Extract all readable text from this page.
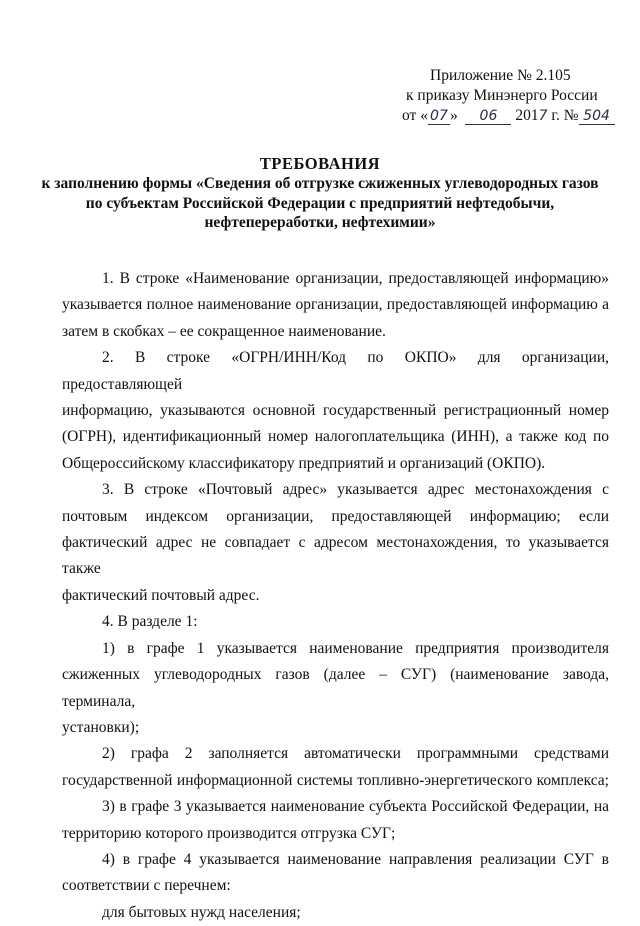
Приложение № 2.105
к приказу Минэнерго России
от « 07 » 06 2017 г. № 504
ТРЕБОВАНИЯ
к заполнению формы «Сведения об отгрузке сжиженных углеводородных газов
по субъектам Российской Федерации с предприятий нефтедобычи,
нефтепереработки, нефтехимии»

1. В строке «Наименование организации, предоставляющей информацию»

указывается полное наименование организации, предоставляющей информацию а

затем в скобках – ее сокращенное наименование.

2. В строке «ОГРН/ИНН/Код по ОКПО» для организации, предоставляющей

информацию, указываются основной государственный регистрационный номер

(ОГРН), идентификационный номер налогоплательщика (ИНН), а также код по

Общероссийскому классификатору предприятий и организаций (ОКПО).

3. В строке «Почтовый адрес» указывается адрес местонахождения с

почтовым индексом организации, предоставляющей информацию; если

фактический адрес не совпадает с адресом местонахождения, то указывается также

фактический почтовый адрес.

4. В разделе 1:

1) в графе 1 указывается наименование предприятия производителя

сжиженных углеводородных газов (далее – СУГ) (наименование завода, терминала,

установки);

2) графа 2 заполняется автоматически программными средствами

государственной информационной системы топливно-энергетического комплекса;

3) в графе 3 указывается наименование субъекта Российской Федерации, на

территорию которого производится отгрузка СУГ;

4) в графе 4 указывается наименование направления реализации СУГ в

соответствии с перечнем:

для бытовых нужд населения;
